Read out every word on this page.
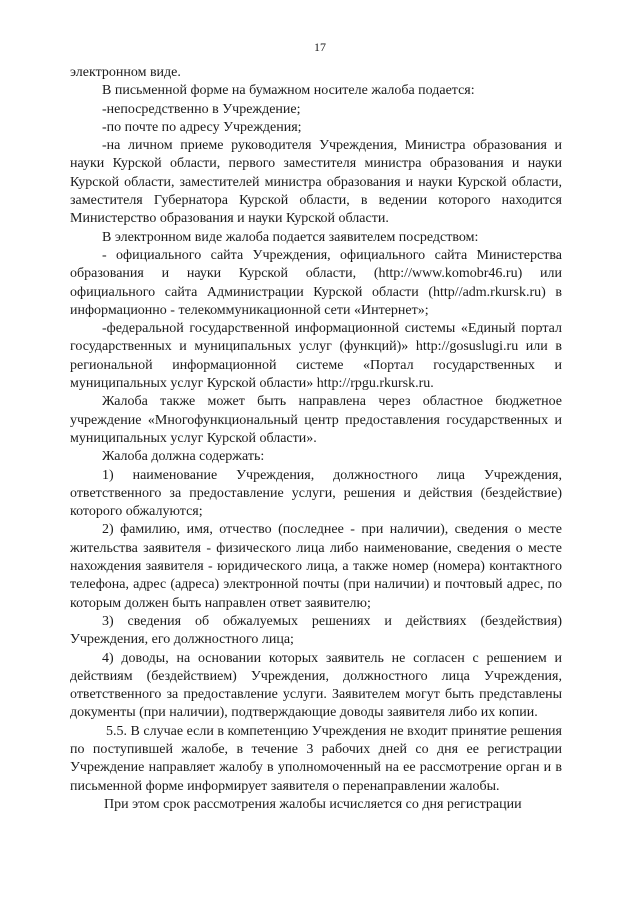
17

электронном виде.

В письменной форме на бумажном носителе жалоба подается:

-непосредственно в Учреждение;

-по почте по адресу Учреждения;

-на личном приеме руководителя Учреждения, Министра образования и науки Курской области, первого заместителя министра образования и науки Курской области, заместителей министра образования и науки Курской области, заместителя Губернатора Курской области, в ведении которого находится Министерство образования и науки Курской области.

В электронном виде жалоба подается заявителем посредством:

- официального сайта Учреждения, официального сайта Министерства образования и науки Курской области, (http://www.komobr46.ru) или официального сайта Администрации Курской области (http//adm.rkursk.ru) в информационно - телекоммуникационной сети «Интернет»;

-федеральной государственной информационной системы «Единый портал государственных и муниципальных услуг (функций)» http://gosuslugi.ru или в региональной информационной системе «Портал государственных и муниципальных услуг Курской области» http://rpgu.rkursk.ru.

Жалоба также может быть направлена через областное бюджетное учреждение «Многофункциональный центр предоставления государственных и муниципальных услуг Курской области».

Жалоба должна содержать:

1) наименование Учреждения, должностного лица Учреждения, ответственного за предоставление услуги, решения и действия (бездействие) которого обжалуются;

2) фамилию, имя, отчество (последнее - при наличии), сведения о месте жительства заявителя - физического лица либо наименование, сведения о месте нахождения заявителя - юридического лица, а также номер (номера) контактного телефона, адрес (адреса) электронной почты (при наличии) и почтовый адрес, по которым должен быть направлен ответ заявителю;

3) сведения об обжалуемых решениях и действиях (бездействия) Учреждения, его должностного лица;

4) доводы, на основании которых заявитель не согласен с решением и действиям (бездействием) Учреждения, должностного лица Учреждения, ответственного за предоставление услуги. Заявителем могут быть представлены документы (при наличии), подтверждающие доводы заявителя либо их копии.

5.5. В случае если в компетенцию Учреждения не входит принятие решения по поступившей жалобе, в течение 3 рабочих дней со дня ее регистрации Учреждение направляет жалобу в уполномоченный на ее рассмотрение орган и в письменной форме информирует заявителя о перенаправлении жалобы.

При этом срок рассмотрения жалобы исчисляется со дня регистрации
